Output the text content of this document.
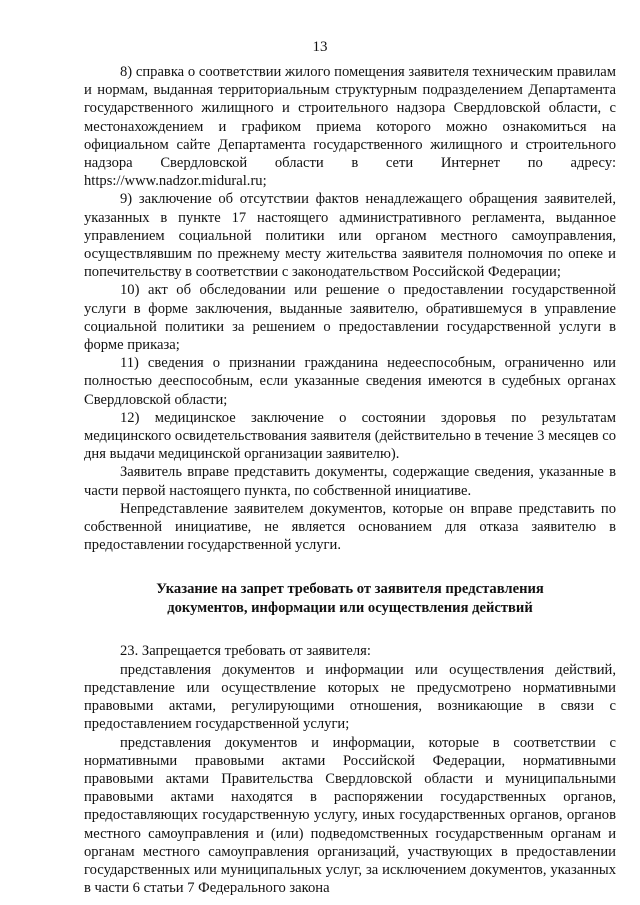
13

8) справка о соответствии жилого помещения заявителя техническим правилам и нормам, выданная территориальным структурным подразделением Департамента государственного жилищного и строительного надзора Свердловской области, с местонахождением и графиком приема которого можно ознакомиться на официальном сайте Департамента государственного жилищного и строительного надзора Свердловской области в сети Интернет по адресу: https://www.nadzor.midural.ru;

9) заключение об отсутствии фактов ненадлежащего обращения заявителей, указанных в пункте 17 настоящего административного регламента, выданное управлением социальной политики или органом местного самоуправления, осуществлявшим по прежнему месту жительства заявителя полномочия по опеке и попечительству в соответствии с законодательством Российской Федерации;

10) акт об обследовании или решение о предоставлении государственной услуги в форме заключения, выданные заявителю, обратившемуся в управление социальной политики за решением о предоставлении государственной услуги в форме приказа;

11) сведения о признании гражданина недееспособным, ограниченно или полностью дееспособным, если указанные сведения имеются в судебных органах Свердловской области;

12) медицинское заключение о состоянии здоровья по результатам медицинского освидетельствования заявителя (действительно в течение 3 месяцев со дня выдачи медицинской организации заявителю).

Заявитель вправе представить документы, содержащие сведения, указанные в части первой настоящего пункта, по собственной инициативе.

Непредставление заявителем документов, которые он вправе представить по собственной инициативе, не является основанием для отказа заявителю в предоставлении государственной услуги.

Указание на запрет требовать от заявителя представления
документов, информации или осуществления действий

23. Запрещается требовать от заявителя:

представления документов и информации или осуществления действий, представление или осуществление которых не предусмотрено нормативными правовыми актами, регулирующими отношения, возникающие в связи с предоставлением государственной услуги;

представления документов и информации, которые в соответствии с нормативными правовыми актами Российской Федерации, нормативными правовыми актами Правительства Свердловской области и муниципальными правовыми актами находятся в распоряжении государственных органов, предоставляющих государственную услугу, иных государственных органов, органов местного самоуправления и (или) подведомственных государственным органам и органам местного самоуправления организаций, участвующих в предоставлении государственных или муниципальных услуг, за исключением документов, указанных в части 6 статьи 7 Федерального закона
